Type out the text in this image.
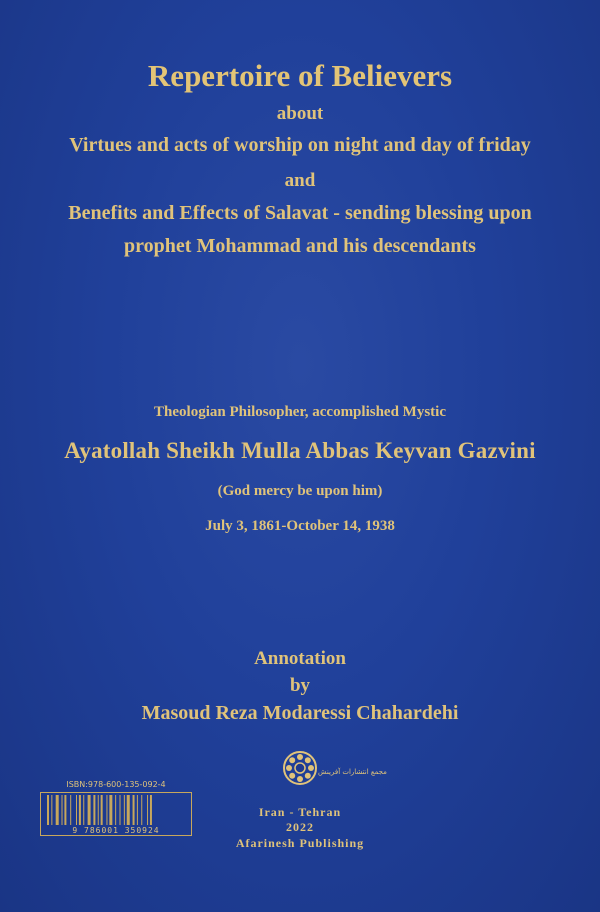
Repertoire of Believers
about
Virtues and acts of worship on night and day of friday
and
Benefits and Effects of Salavat - sending blessing upon
prophet Mohammad and his descendants
Theologian Philosopher, accomplished Mystic
Ayatollah Sheikh Mulla Abbas Keyvan Gazvini
(God mercy be upon him)
July 3, 1861-October 14, 1938
Annotation
by
Masoud Reza Modaressi Chahardehi
مجمع انتشارات آفرینش
Iran - Tehran
2022
Afarinesh Publishing
ISBN:978-600-135-092-4
9 786001 350924
